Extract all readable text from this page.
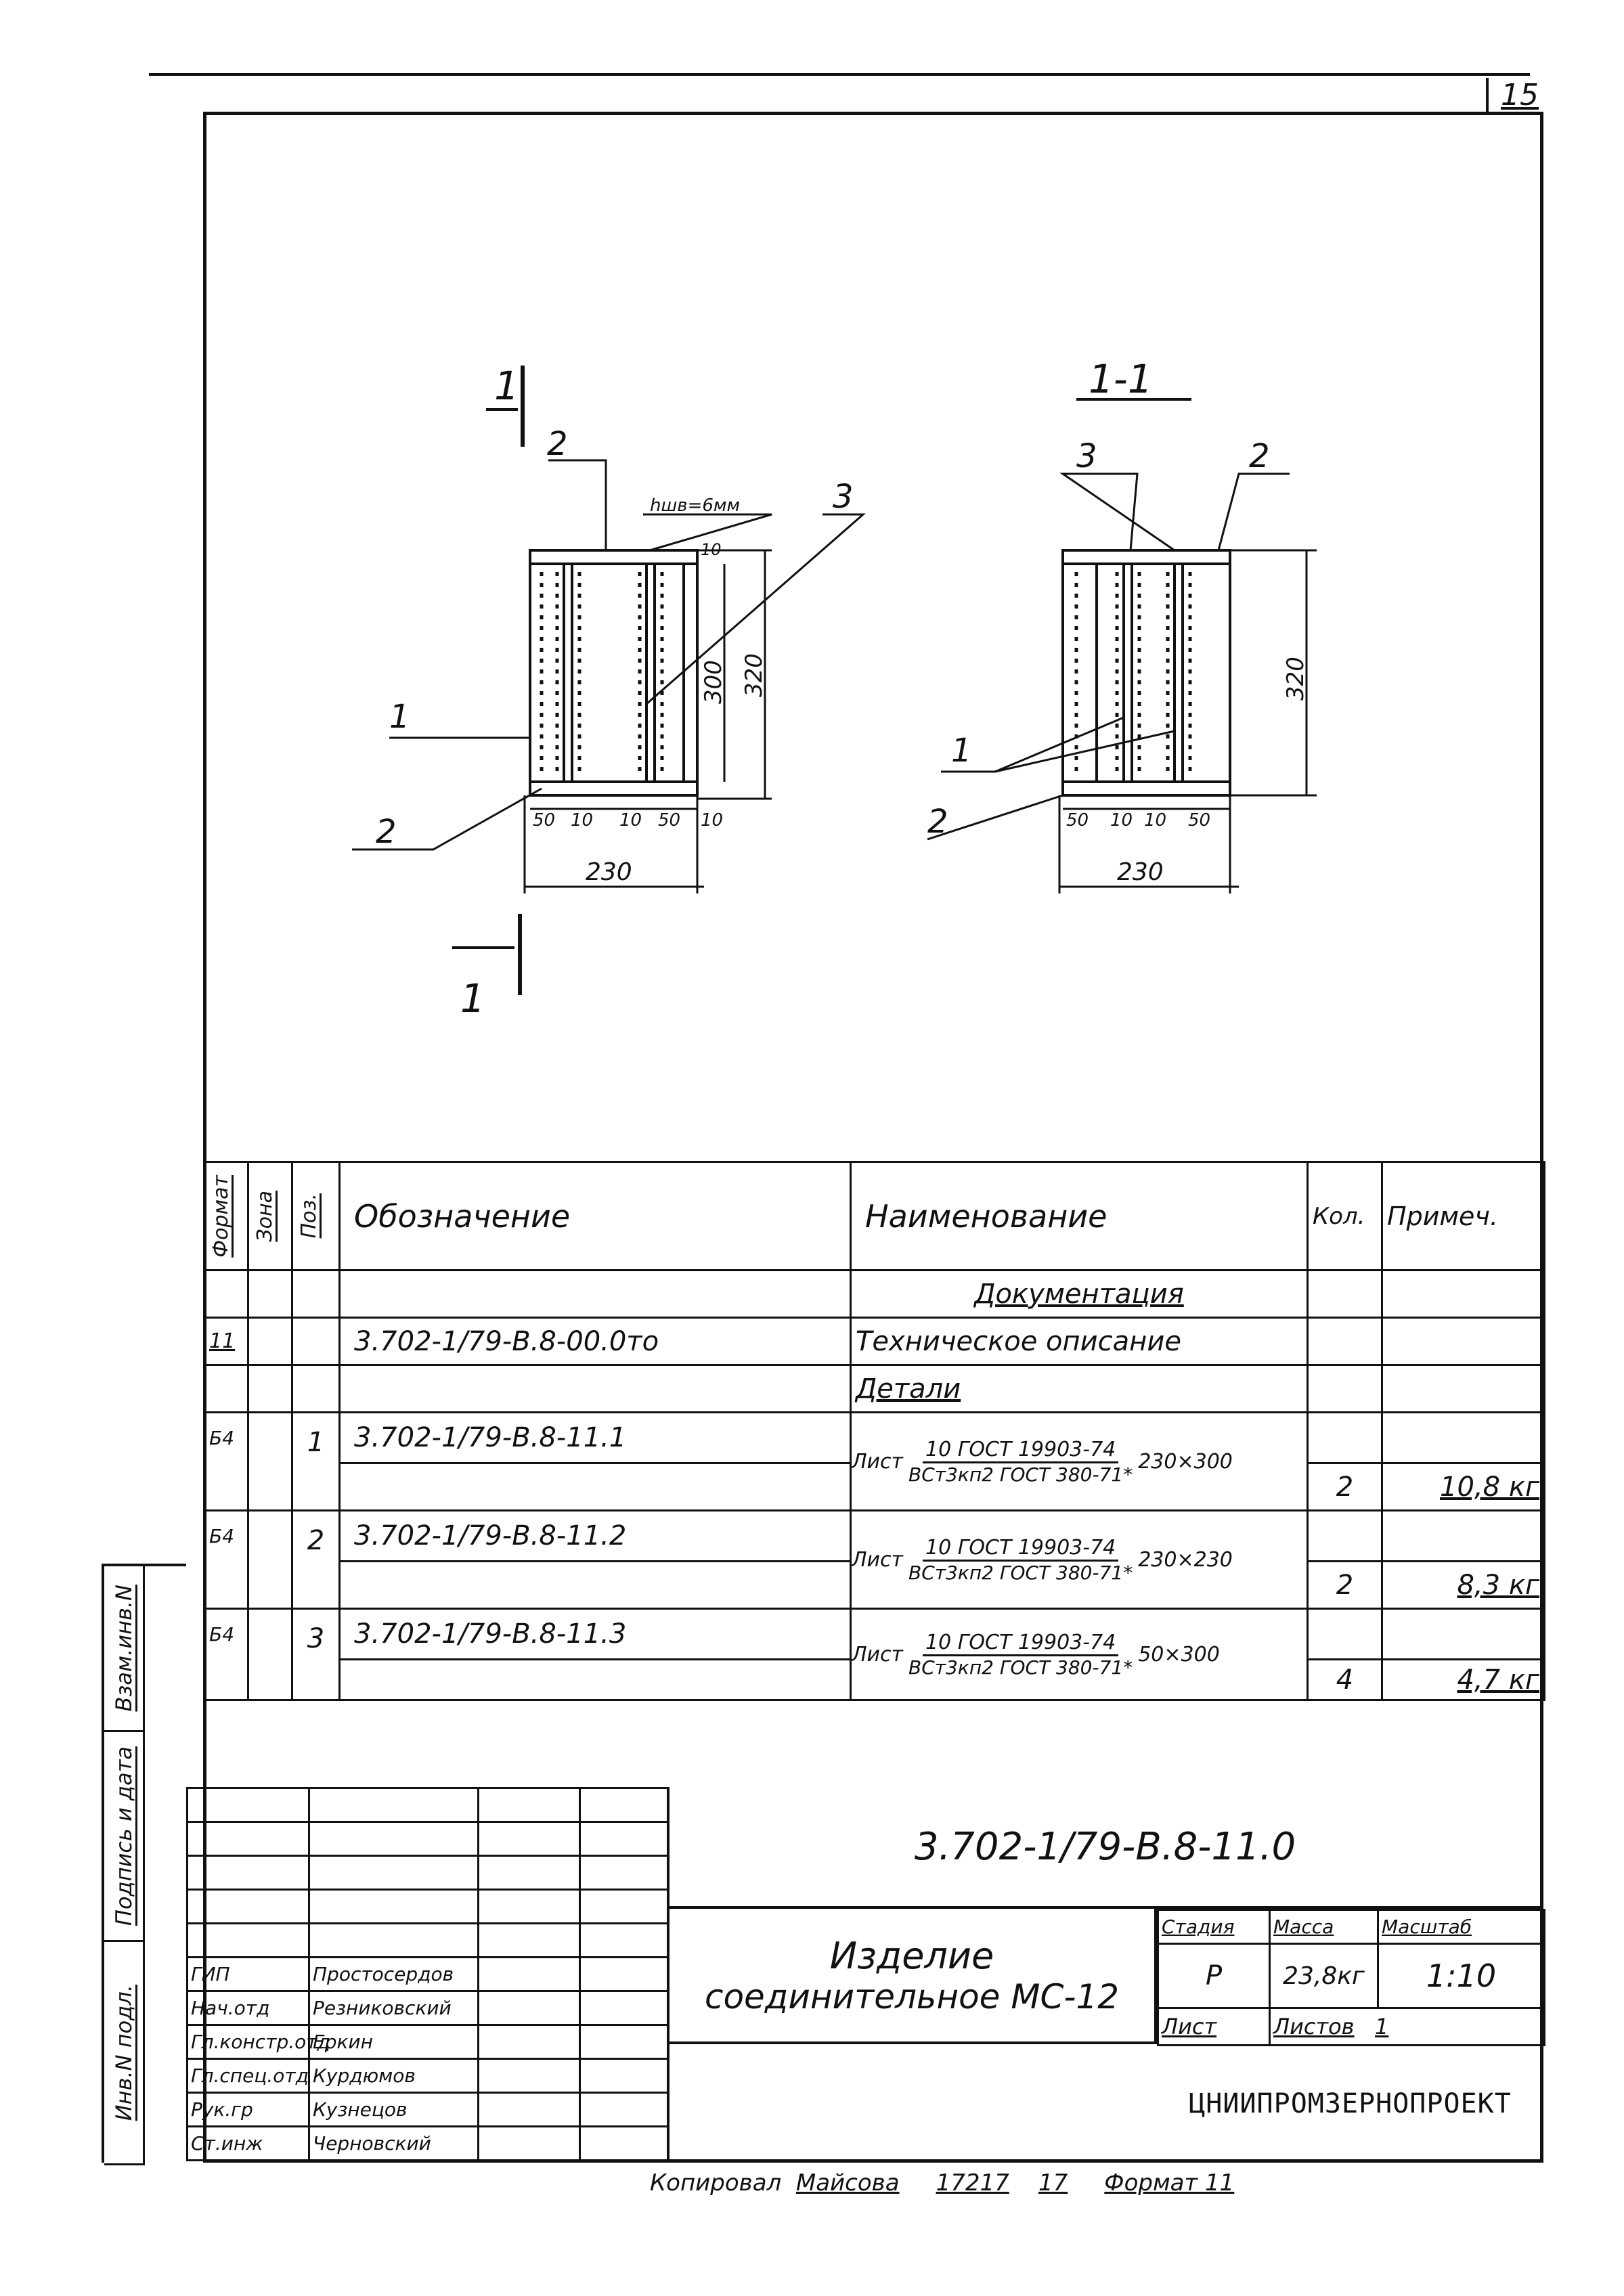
15
1
1
1-1
hшв=6мм
2
3
1
2	50 10 10 50 10
230
10
300 320
3	2
1
2	50 10 10 50
230
320
Формат	Зона	Поз.	Обозначение	Наименование	Кол.	Примеч.
				Документация		
11			3.702-1/79-В.8-00.0то	Техническое описание		
				Детали		
Б4		1	3.702-1/79-В.8-11.1	Лист $\frac{\text{10 ГОСТ 19903-74}}{\text{ВСт3кп2 ГОСТ 380-71*}} 230\times 300$		

					2	10,8 кг
Б4		2	3.702-1/79-В.8-11.2	Лист $\frac{\text{10 ГОСТ 19903-74}}{\text{ВСт3кп2 ГОСТ 380-71*}} 230\times 230$		

					2	8,3 кг
Б4		3	3.702-1/79-В.8-11.3	Лист $\frac{\text{10 ГОСТ 19903-74}}{\text{ВСт3кп2 ГОСТ 380-71*}} 50\times 300$		

					4	4,7 кг
Взам.инв.N
Подпись и дата
Инв.N подл.

ГИП	Простосердов		
Нач.отд	Резниковский		
Гл.констр.отд	Еркин		
Гл.спец.отд	Курдюмов		
Рук.гр	Кузнецов		
Ст.инж	Черновский		
3.702-1/79-В.8-11.0
Изделие
соединительное МС-12
Стадия	Масса	Масштаб
Р	23,8кг	1:10
Лист	Листов 1	
ЦНИИПРОМЗЕРНОПРОЕКТ
Копировал Майсова 17217 17 Формат 11
